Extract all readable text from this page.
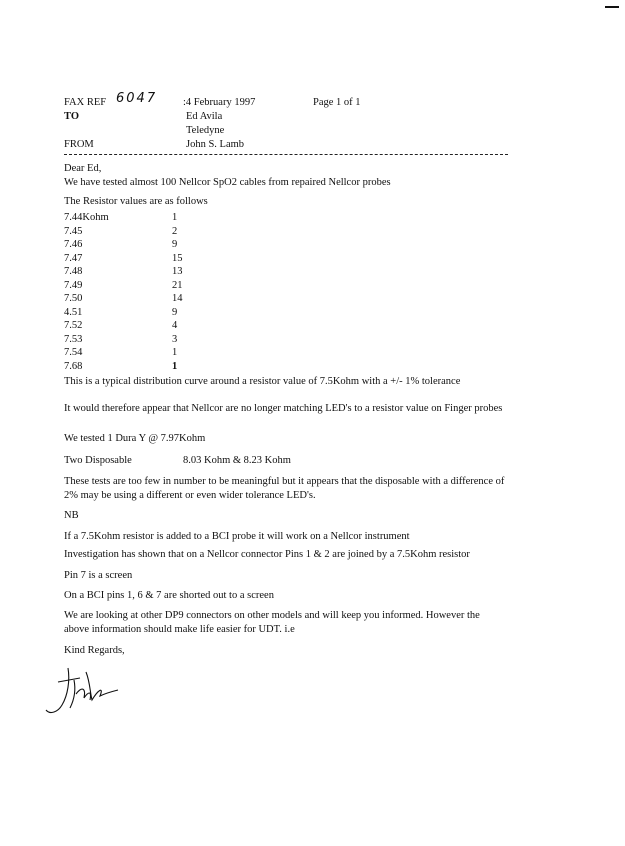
FAX REF 6047 :4 February 1997	Page 1 of 1
TO	Ed Avila
Teledyne
FROM	John S. Lamb
Dear Ed,
We have tested almost 100 Nellcor SpO2 cables from repaired Nellcor probes
The Resistor values are as follows
7.44Kohm	1
7.45	2
7.46	9
7.47	15
7.48	13
7.49	21
7.50	14
4.51	9
7.52	4
7.53	3
7.54	1
7.68	1
This is a typical distribution curve around a resistor value of 7.5Kohm with a +/- 1% tolerance
It would therefore appear that Nellcor are no longer matching LED's to a resistor value on Finger probes
We tested 1 Dura Y @ 7.97Kohm
Two Disposable	8.03 Kohm & 8.23 Kohm
These tests are too few in number to be meaningful but it appears that the disposable with a difference of
2% may be using a different or even wider tolerance LED's.
NB
If a 7.5Kohm resistor is added to a BCI probe it will work on a Nellcor instrument
Investigation has shown that on a Nellcor connector Pins 1 & 2 are joined by a 7.5Kohm resistor
Pin 7 is a screen
On a BCI pins 1, 6 & 7 are shorted out to a screen
We are looking at other DP9 connectors on other models and will keep you informed. However the
above information should make life easier for UDT. i.e
Kind Regards,
